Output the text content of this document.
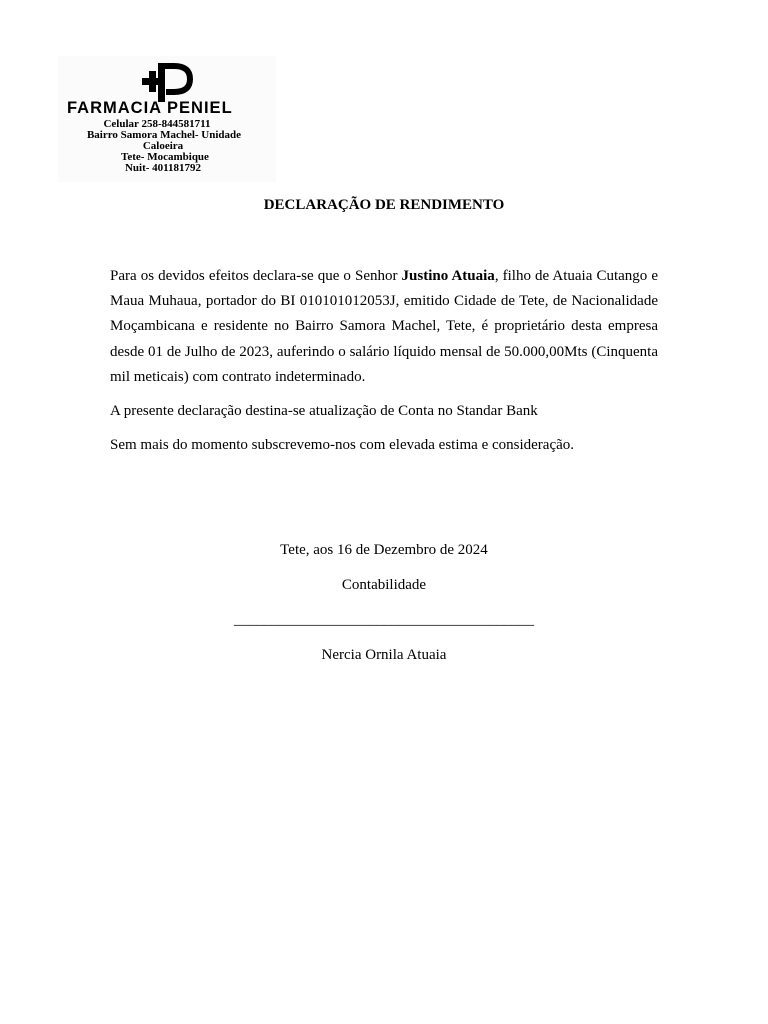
FARMACIA PENIEL
Celular 258-844581711
Bairro Samora Machel- Unidade
Caloeira
Tete- Mocambique
Nuit- 401181792
DECLARAÇÃO DE RENDIMENTO

Para os devidos efeitos declara-se que o Senhor Justino Atuaia, filho de Atuaia Cutango e Maua Muhaua, portador do BI 010101012053J, emitido Cidade de Tete, de Nacionalidade Moçambicana e residente no Bairro Samora Machel, Tete, é proprietário desta empresa desde 01 de Julho de 2023, auferindo o salário líquido mensal de 50.000,00Mts (Cinquenta mil meticais) com contrato indeterminado.

A presente declaração destina-se atualização de Conta no Standar Bank

Sem mais do momento subscrevemo-nos com elevada estima e consideração.

Tete, aos 16 de Dezembro de 2024
Contabilidade
________________________________________
Nercia Ornila Atuaia
